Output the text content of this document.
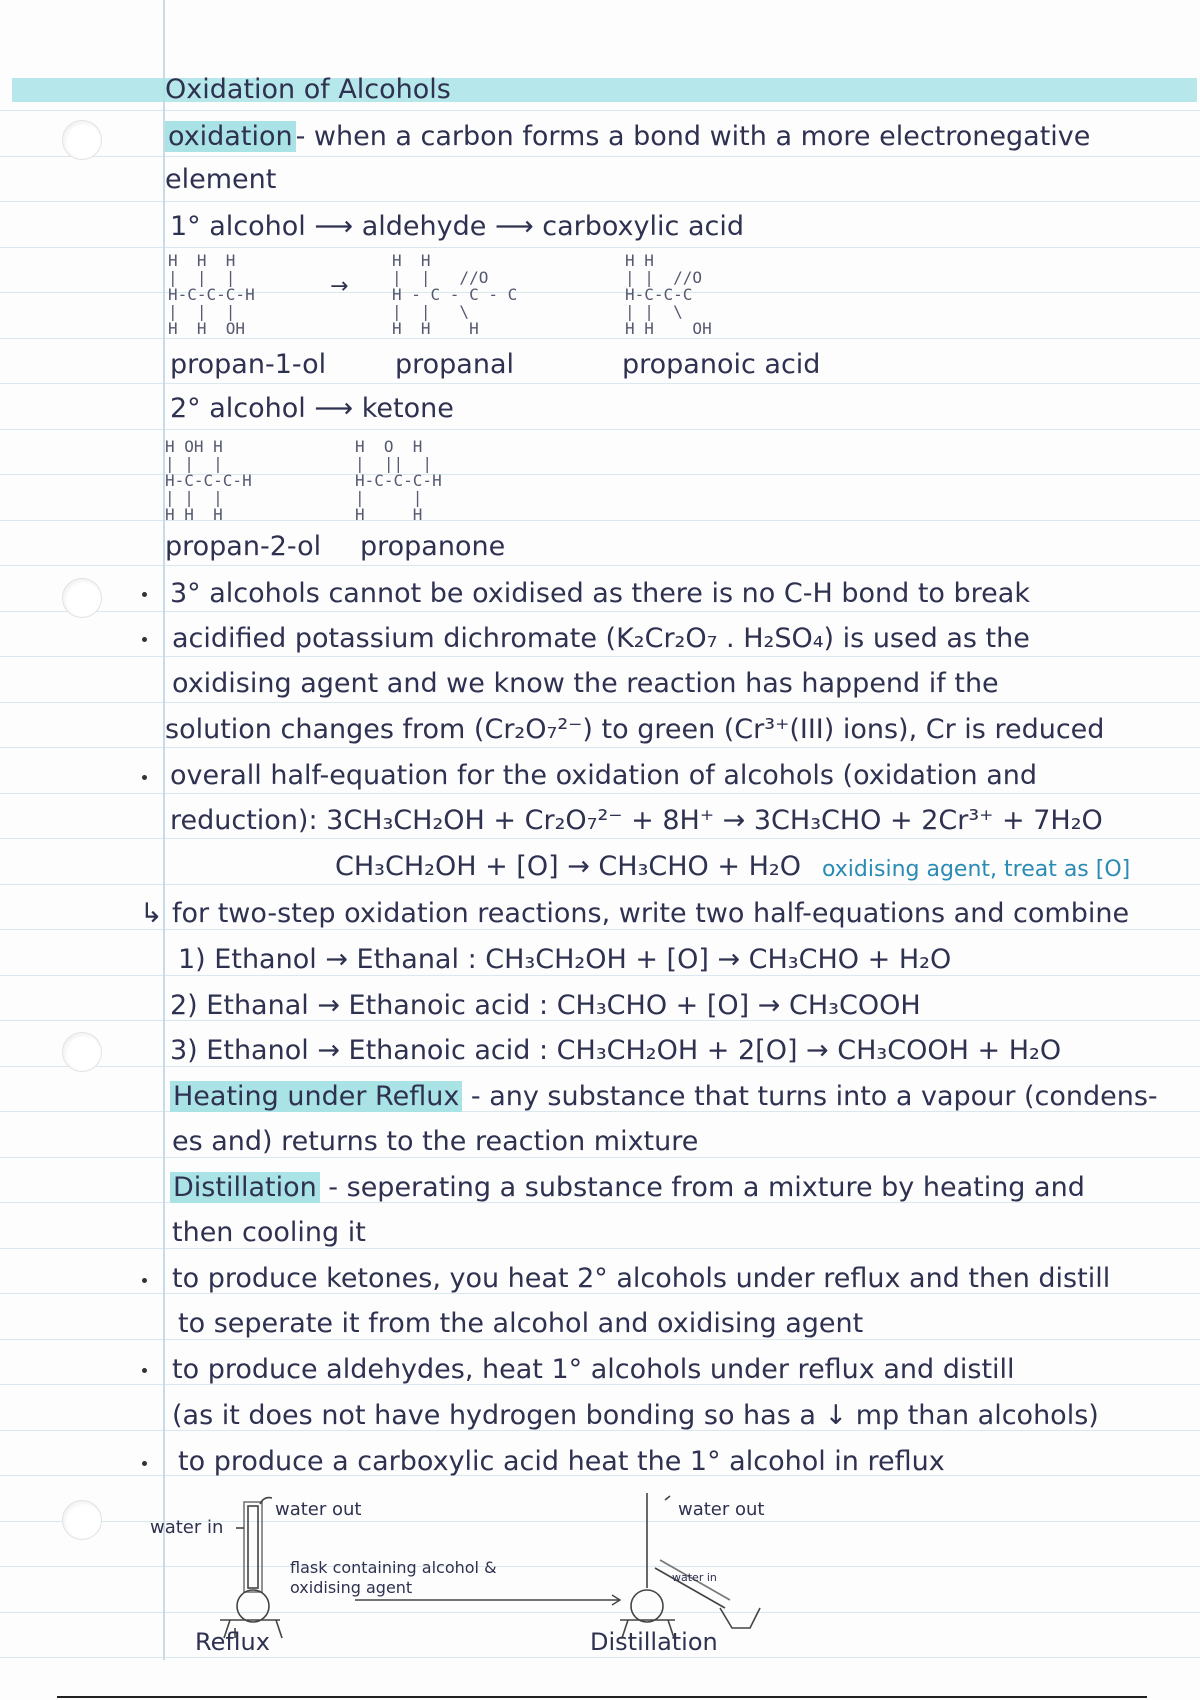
Oxidation of Alcohols
oxidation - when a carbon forms a bond with a more electronegative
element
1° alcohol ⟶ aldehyde ⟶ carboxylic acid
H  H  H
|  |  |
H-C-C-C-H
|  |  |
H  H  OH
→
H  H
|  |   //O
H - C - C - C
|  |   \
H  H    H
H H
| |  //O
H-C-C-C
| |  \
H H    OH
propan-1-ol	propanal	propanoic acid
2° alcohol ⟶ ketone
H OH H
| |  |
H-C-C-C-H
| |  |
H H  H
H  O  H
|  ||  |
H-C-C-C-H
|     |
H     H
propan-2-ol propanone
3° alcohols cannot be oxidised as there is no C-H bond to break
acidified potassium dichromate (K₂Cr₂O₇ . H₂SO₄) is used as the
oxidising agent and we know the reaction has happend if the
solution changes from (Cr₂O₇²⁻) to green (Cr³⁺(III) ions), Cr is reduced
overall half-equation for the oxidation of alcohols (oxidation and
reduction): 3CH₃CH₂OH + Cr₂O₇²⁻ + 8H⁺ → 3CH₃CHO + 2Cr³⁺ + 7H₂O
CH₃CH₂OH + [O] → CH₃CHO + H₂O oxidising agent, treat as [O]
↳ for two-step oxidation reactions, write two half-equations and combine
1) Ethanol → Ethanal : CH₃CH₂OH + [O] → CH₃CHO + H₂O
2) Ethanal → Ethanoic acid : CH₃CHO + [O] → CH₃COOH
3) Ethanol → Ethanoic acid : CH₃CH₂OH + 2[O] → CH₃COOH + H₂O
Heating under Reflux - any substance that turns into a vapour (condens-
es and) returns to the reaction mixture
Distillation - seperating a substance from a mixture by heating and
then cooling it
to produce ketones, you heat 2° alcohols under reflux and then distill
to seperate it from the alcohol and oxidising agent
to produce aldehydes, heat 1° alcohols under reflux and distill
(as it does not have hydrogen bonding so has a ↓ mp than alcohols)
to produce a carboxylic acid heat the 1° alcohol in reflux
water in
water out	water out
water in
flask containing alcohol & oxidising agent
Reflux	Distillation
